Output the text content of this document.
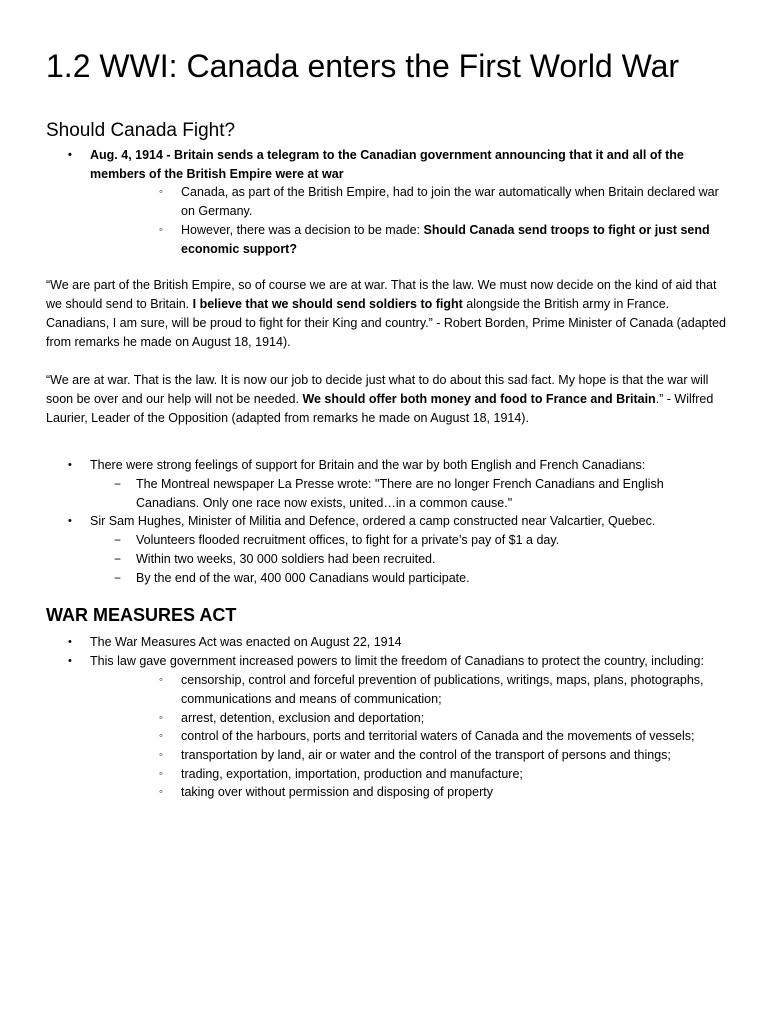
1.2 WWI: Canada enters the First World War
Should Canada Fight?
• Aug. 4, 1914 - Britain sends a telegram to the Canadian government announcing that it and all of the members of the British Empire were at war
◦ Canada, as part of the British Empire, had to join the war automatically when Britain declared war on Germany.
◦ However, there was a decision to be made: Should Canada send troops to fight or just send economic support?

“We are part of the British Empire, so of course we are at war. That is the law. We must now decide on the kind of aid that we should send to Britain. I believe that we should send soldiers to fight alongside the British army in France. Canadians, I am sure, will be proud to fight for their King and country.” - Robert Borden, Prime Minister of Canada (adapted from remarks he made on August 18, 1914).

“We are at war. That is the law. It is now our job to decide just what to do about this sad fact. My hope is that the war will soon be over and our help will not be needed. We should offer both money and food to France and Britain.” - Wilfred Laurier, Leader of the Opposition (adapted from remarks he made on August 18, 1914).

• There were strong feelings of support for Britain and the war by both English and French Canadians:
− The Montreal newspaper La Presse wrote: "There are no longer French Canadians and English Canadians. Only one race now exists, united…in a common cause."
• Sir Sam Hughes, Minister of Militia and Defence, ordered a camp constructed near Valcartier, Quebec.
− Volunteers flooded recruitment offices, to fight for a private’s pay of $1 a day.
− Within two weeks, 30 000 soldiers had been recruited.
− By the end of the war, 400 000 Canadians would participate.
WAR MEASURES ACT
• The War Measures Act was enacted on August 22, 1914
• This law gave government increased powers to limit the freedom of Canadians to protect the country, including:
◦ censorship, control and forceful prevention of publications, writings, maps, plans, photographs, communications and means of communication;
◦ arrest, detention, exclusion and deportation;
◦ control of the harbours, ports and territorial waters of Canada and the movements of vessels;
◦ transportation by land, air or water and the control of the transport of persons and things;
◦ trading, exportation, importation, production and manufacture;
◦ taking over without permission and disposing of property
